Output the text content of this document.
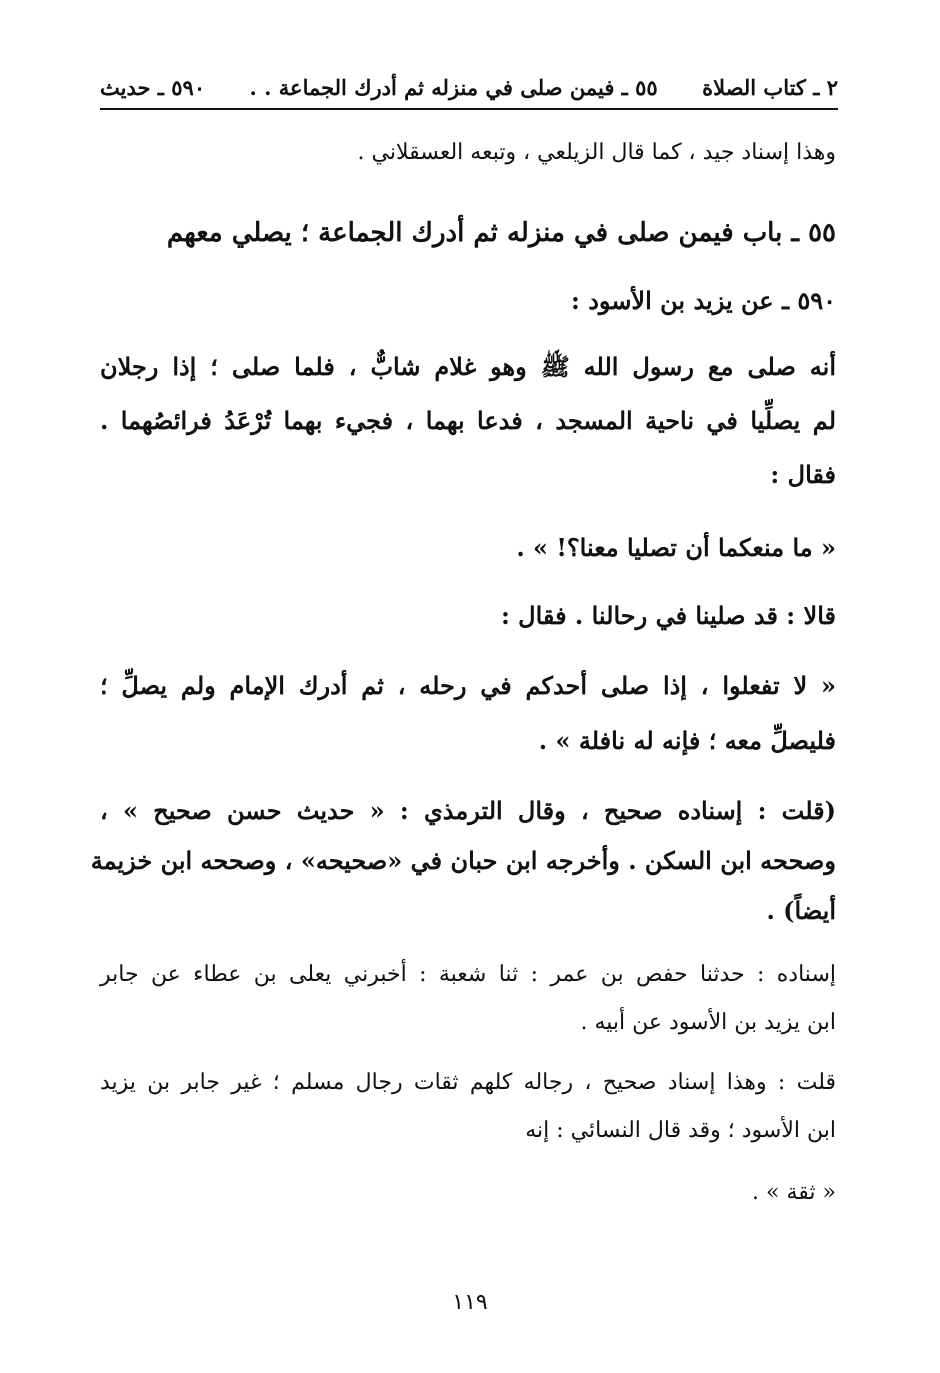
٢ ـ كتاب الصلاة
٥٥ ـ فيمن صلى في منزله ثم أدرك الجماعة . .
٥٩٠ ـ حديث
وهذا إسناد جيد ، كما قال الزيلعي ، وتبعه العسقلاني .
٥٥ ـ باب فيمن صلى في منزله ثم أدرك الجماعة ؛ يصلي معهم
٥٩٠ ـ عن يزيد بن الأسود :
أنه صلى مع رسول الله ﷺ وهو غلام شابٌّ ، فلما صلى ؛ إذا رجلان
لم يصلِّيا في ناحية المسجد ، فدعا بهما ، فجيء بهما تُرْعَدُ فرائصُهما .
فقال :
« ما منعكما أن تصليا معنا؟! » .
قالا : قد صلينا في رحالنا . فقال :
« لا تفعلوا ، إذا صلى أحدكم في رحله ، ثم أدرك الإمام ولم يصلِّ ؛
فليصلِّ معه ؛ فإنه له نافلة » .
(قلت : إسناده صحيح ، وقال الترمذي : « حديث حسن صحيح » ،
وصححه ابن السكن . وأخرجه ابن حبان في «صحيحه» ، وصححه ابن خزيمة
أيضاً) .
إسناده : حدثنا حفص بن عمر : ثنا شعبة : أخبرني يعلى بن عطاء عن جابر
ابن يزيد بن الأسود عن أبيه .
قلت : وهذا إسناد صحيح ، رجاله كلهم ثقات رجال مسلم ؛ غير جابر بن يزيد
ابن الأسود ؛ وقد قال النسائي : إنه
« ثقة » .
١١٩
